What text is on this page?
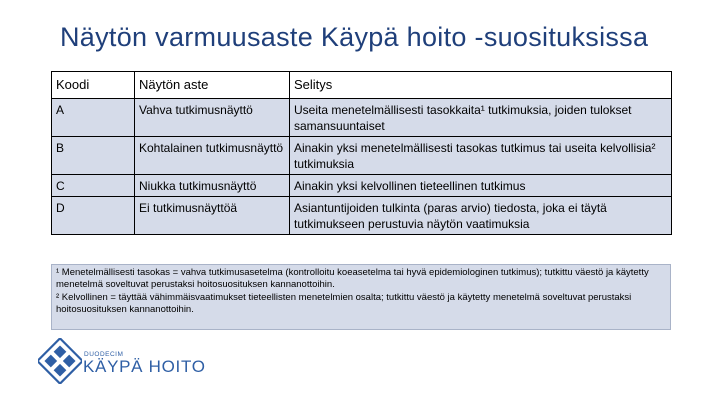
Näytön varmuusaste Käypä hoito -suosituksissa
Koodi	Näytön aste	Selitys
A	Vahva tutkimusnäyttö	Useita menetelmällisesti tasokkaita¹ tutkimuksia, joiden tulokset samansuuntaiset
B	Kohtalainen tutkimusnäyttö	Ainakin yksi menetelmällisesti tasokas tutkimus tai useita kelvollisia² tutkimuksia
C	Niukka tutkimusnäyttö	Ainakin yksi kelvollinen tieteellinen tutkimus
D	Ei tutkimusnäyttöä	Asiantuntijoiden tulkinta (paras arvio) tiedosta, joka ei täytä tutkimukseen perustuvia näytön vaatimuksia

¹ Menetelmällisesti tasokas = vahva tutkimusasetelma (kontrolloitu koeasetelma tai hyvä epidemiologinen tutkimus); tutkittu väestö ja käytetty menetelmä soveltuvat perustaksi hoitosuosituksen kannanottoihin.

² Kelvollinen = täyttää vähimmäisvaatimukset tieteellisten menetelmien osalta; tutkittu väestö ja käytetty menetelmä soveltuvat perustaksi hoitosuosituksen kannanottoihin.

DUODECIM
KÄYPÄ HOITO
